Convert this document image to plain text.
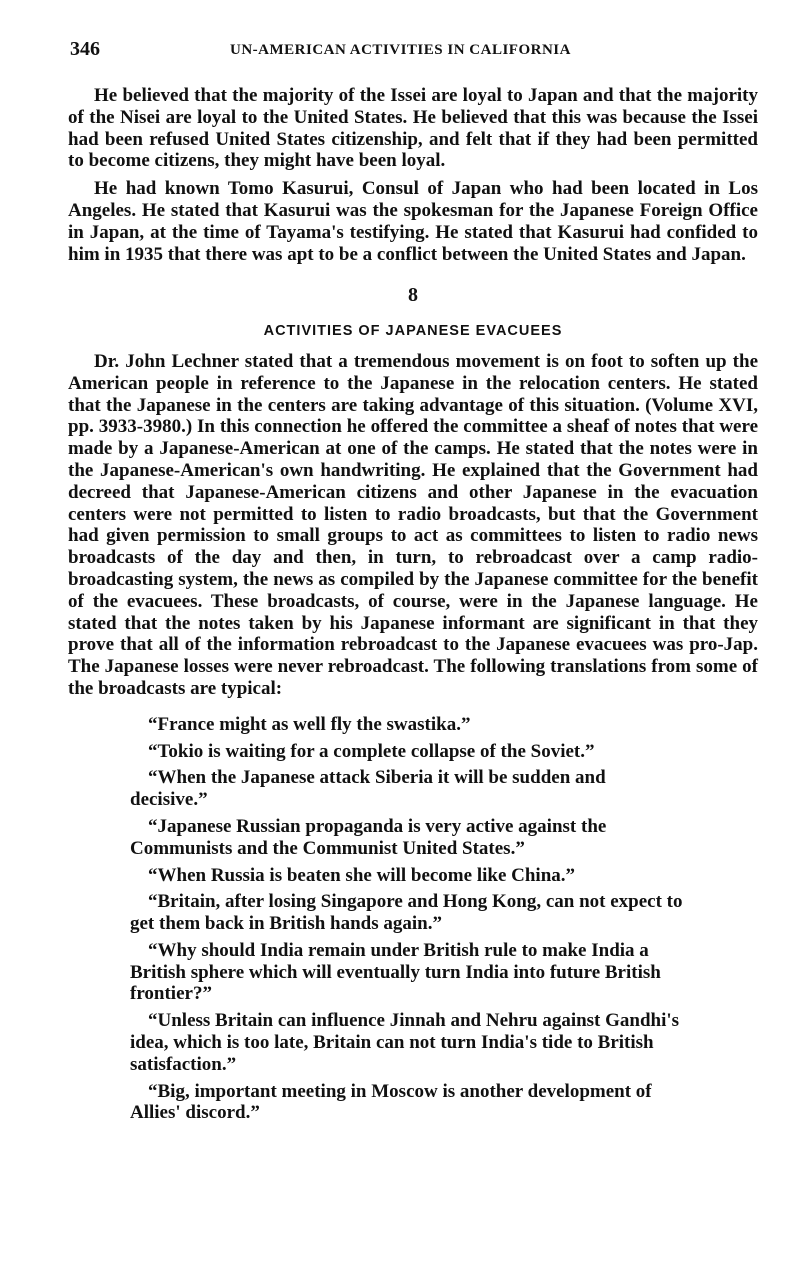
346	UN-AMERICAN ACTIVITIES IN CALIFORNIA

He believed that the majority of the Issei are loyal to Japan and that the majority of the Nisei are loyal to the United States. He believed that this was because the Issei had been refused United States citizenship, and felt that if they had been permitted to become citizens, they might have been loyal.

He had known Tomo Kasurui, Consul of Japan who had been located in Los Angeles. He stated that Kasurui was the spokesman for the Japanese Foreign Office in Japan, at the time of Tayama's testifying. He stated that Kasurui had confided to him in 1935 that there was apt to be a conflict between the United States and Japan.

8
ACTIVITIES OF JAPANESE EVACUEES

Dr. John Lechner stated that a tremendous movement is on foot to soften up the American people in reference to the Japanese in the relocation centers. He stated that the Japanese in the centers are taking advantage of this situation. (Volume XVI, pp. 3933-3980.) In this connection he offered the committee a sheaf of notes that were made by a Japanese-American at one of the camps. He stated that the notes were in the Japanese-American's own handwriting. He explained that the Government had decreed that Japanese-American citizens and other Japanese in the evacuation centers were not permitted to listen to radio broadcasts, but that the Government had given permission to small groups to act as committees to listen to radio news broadcasts of the day and then, in turn, to rebroadcast over a camp radio-broadcasting system, the news as compiled by the Japanese committee for the benefit of the evacuees. These broadcasts, of course, were in the Japanese language. He stated that the notes taken by his Japanese informant are significant in that they prove that all of the information rebroadcast to the Japanese evacuees was pro-Jap. The Japanese losses were never rebroadcast. The following translations from some of the broadcasts are typical:

“France might as well fly the swastika.”

“Tokio is waiting for a complete collapse of the Soviet.”

“When the Japanese attack Siberia it will be sudden and decisive.”

“Japanese Russian propaganda is very active against the Communists and the Communist United States.”

“When Russia is beaten she will become like China.”

“Britain, after losing Singapore and Hong Kong, can not expect to get them back in British hands again.”

“Why should India remain under British rule to make India a British sphere which will eventually turn India into future British frontier?”

“Unless Britain can influence Jinnah and Nehru against Gandhi's idea, which is too late, Britain can not turn India's tide to British satisfaction.”

“Big, important meeting in Moscow is another development of Allies' discord.”
